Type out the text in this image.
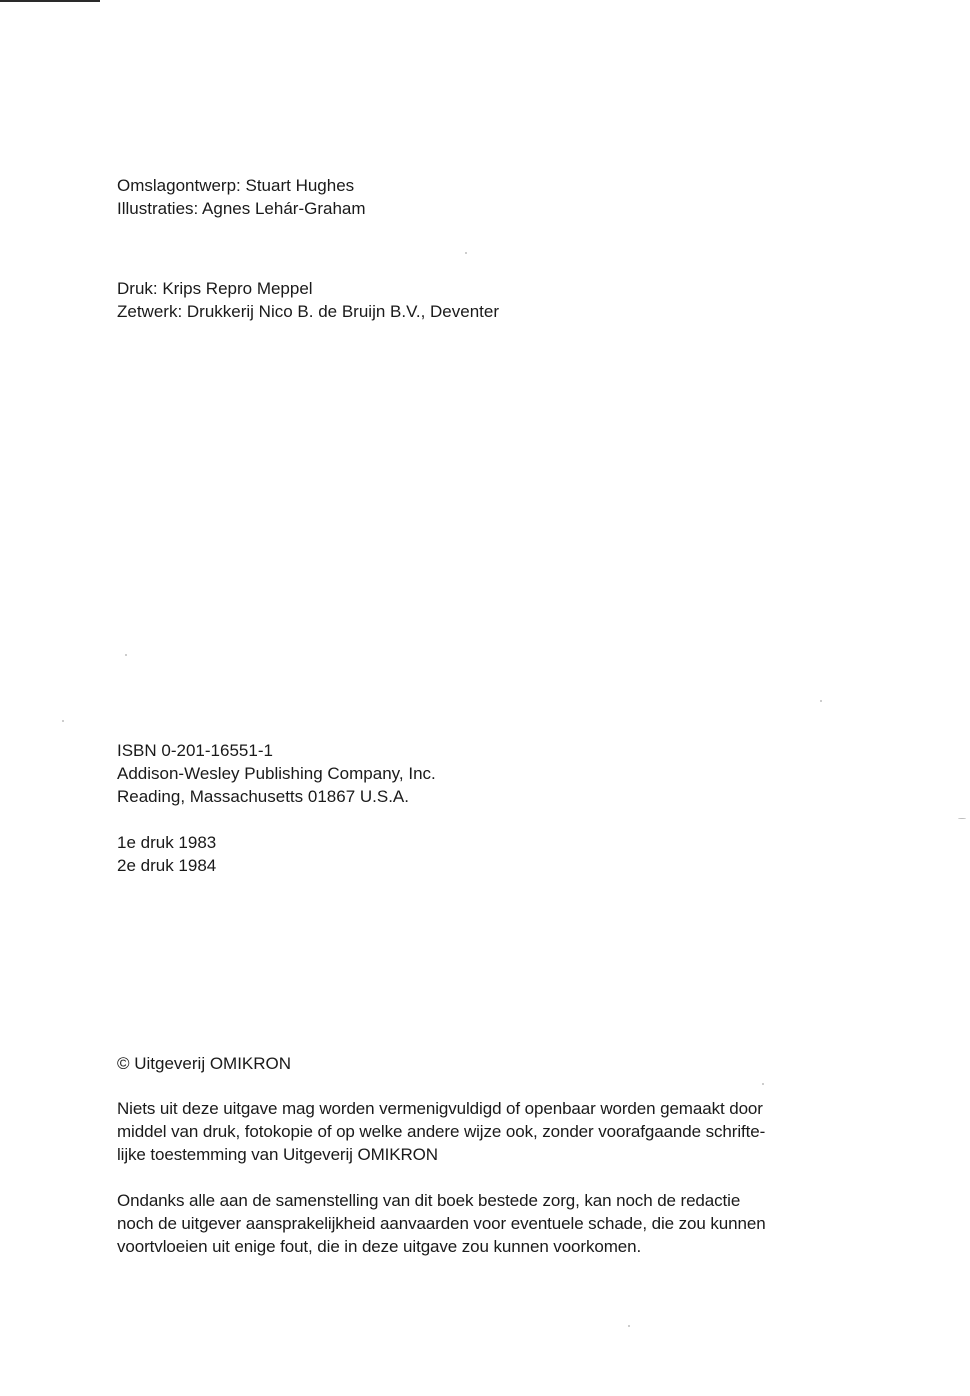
Omslagontwerp: Stuart Hughes
Illustraties: Agnes Lehár-Graham
Druk: Krips Repro Meppel
Zetwerk: Drukkerij Nico B. de Bruijn B.V., Deventer
ISBN 0-201-16551-1
Addison-Wesley Publishing Company, Inc.
Reading, Massachusetts 01867 U.S.A.
1e druk 1983
2e druk 1984
© Uitgeverij OMIKRON
Niets uit deze uitgave mag worden vermenigvuldigd of openbaar worden gemaakt door
middel van druk, fotokopie of op welke andere wijze ook, zonder voorafgaande schrifte-
lijke toestemming van Uitgeverij OMIKRON
Ondanks alle aan de samenstelling van dit boek bestede zorg, kan noch de redactie
noch de uitgever aansprakelijkheid aanvaarden voor eventuele schade, die zou kunnen
voortvloeien uit enige fout, die in deze uitgave zou kunnen voorkomen.
